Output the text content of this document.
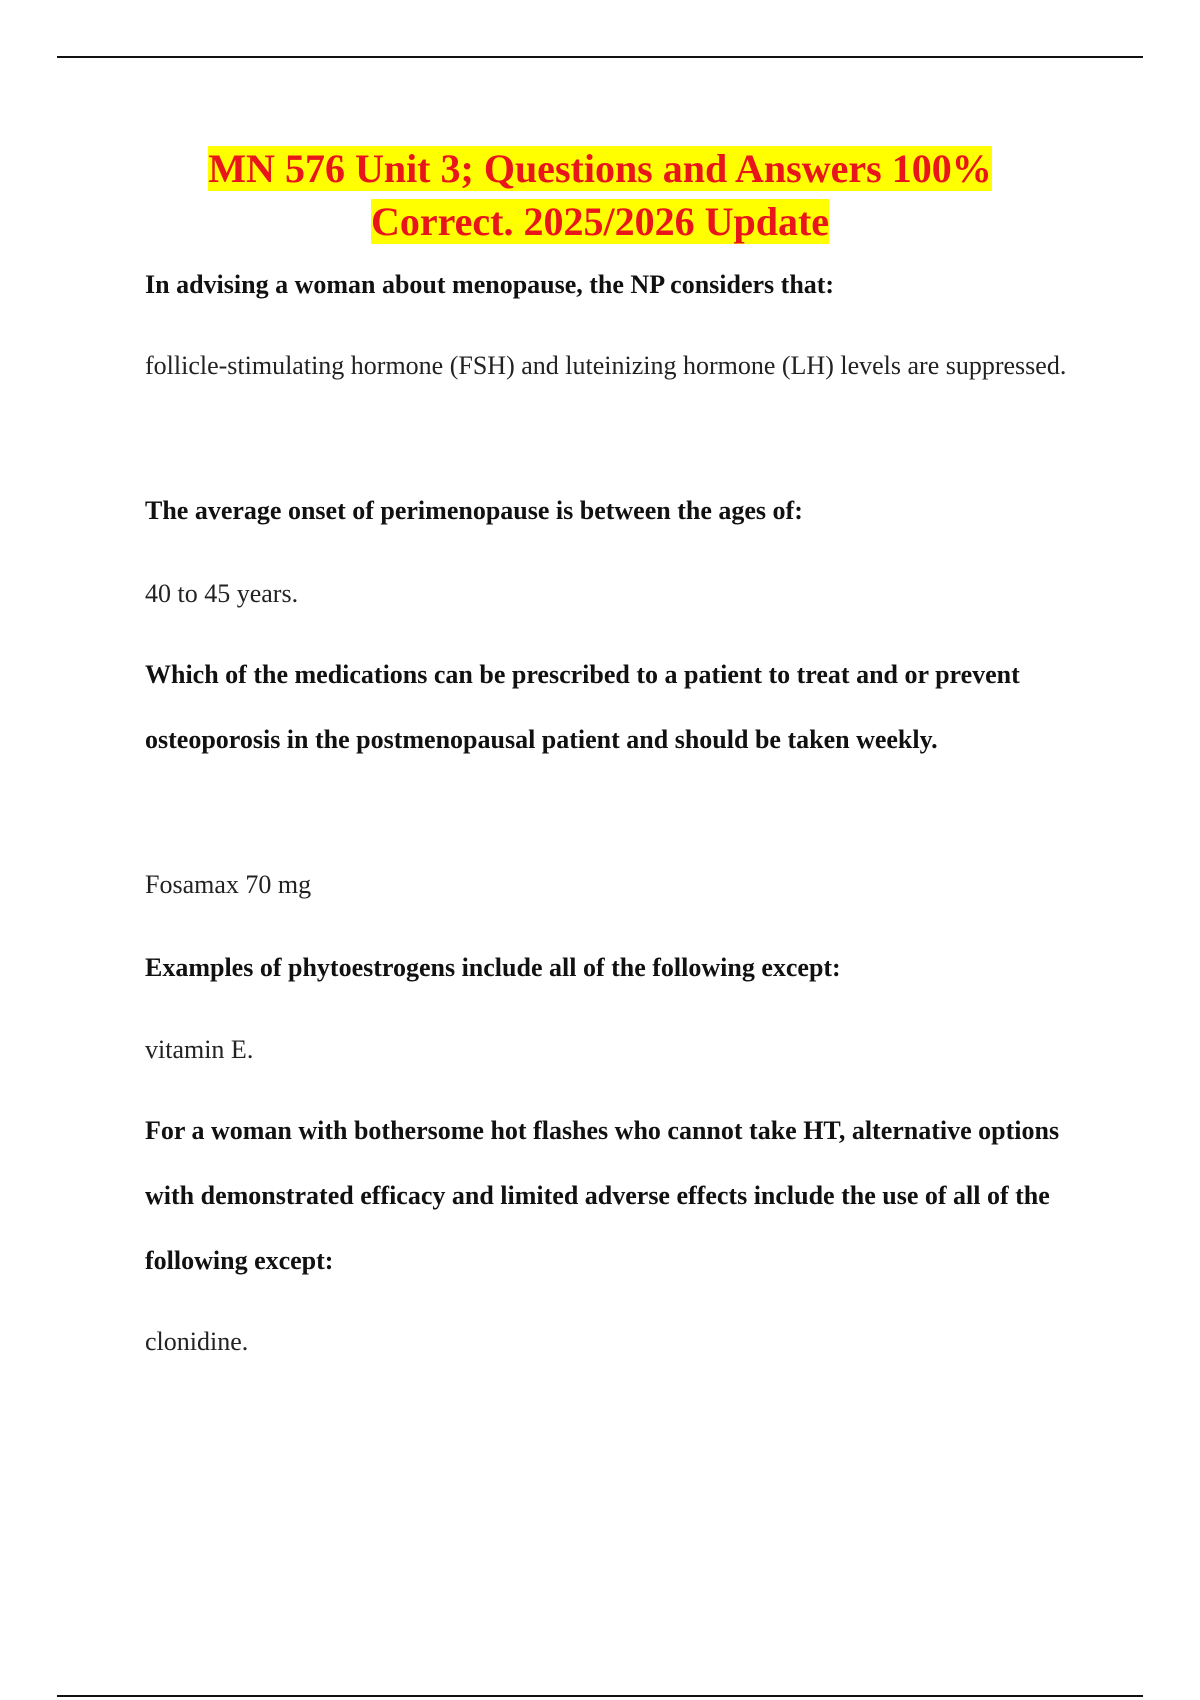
MN 576 Unit 3; Questions and Answers 100%
Correct. 2025/2026 Update

In advising a woman about menopause, the NP considers that:

follicle-stimulating hormone (FSH) and luteinizing hormone (LH) levels are suppressed.

The average onset of perimenopause is between the ages of:

40 to 45 years.

Which of the medications can be prescribed to a patient to treat and or prevent osteoporosis in the postmenopausal patient and should be taken weekly.

Fosamax 70 mg

Examples of phytoestrogens include all of the following except:

vitamin E.

For a woman with bothersome hot flashes who cannot take HT, alternative options with demonstrated efficacy and limited adverse effects include the use of all of the following except:

clonidine.
